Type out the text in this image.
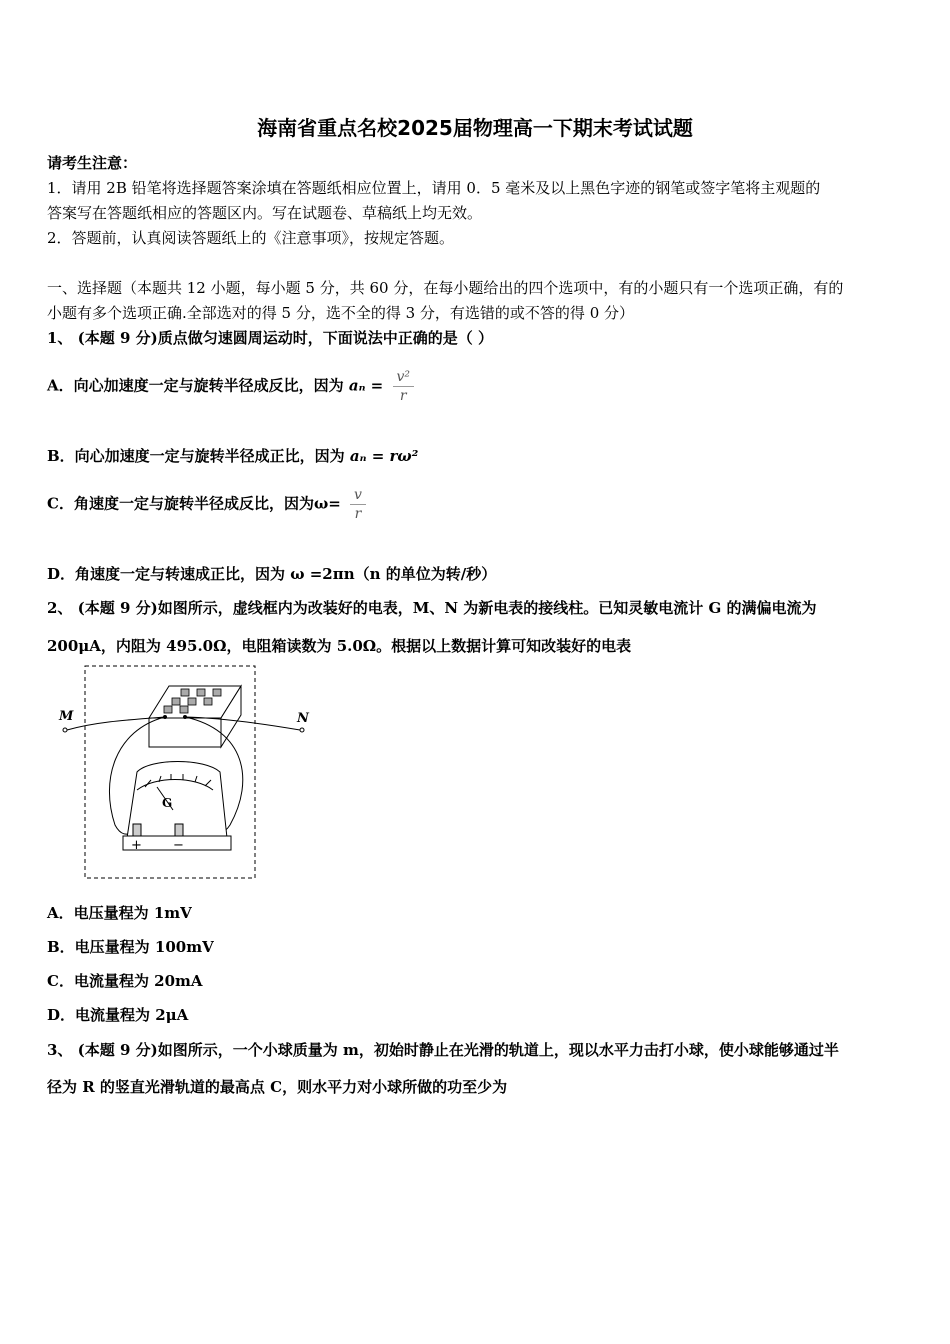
海南省重点名校2025届物理高一下期末考试试题
请考生注意：
1．请用 2B 铅笔将选择题答案涂填在答题纸相应位置上，请用 0．5 毫米及以上黑色字迹的钢笔或签字笔将主观题的
答案写在答题纸相应的答题区内。写在试题卷、草稿纸上均无效。
2．答题前，认真阅读答题纸上的《注意事项》，按规定答题。
一、选择题（本题共 12 小题，每小题 5 分，共 60 分，在每小题给出的四个选项中，有的小题只有一个选项正确，有的
小题有多个选项正确.全部选对的得 5 分，选不全的得 3 分，有选错的或不答的得 0 分）
1、 (本题 9 分)质点做匀速圆周运动时，下面说法中正确的是（ ）
A．向心加速度一定与旋转半径成反比，因为 $a_n = \frac{\text{v²}}{r}$
B．向心加速度一定与旋转半径成正比，因为 aₙ = rω²
C．角速度一定与旋转半径成反比，因为$\omega= \frac{v}{r}$
D．角速度一定与转速成正比，因为 ω =2πn（n 的单位为转/秒）
2、 (本题 9 分)如图所示，虚线框内为改装好的电表，M、N 为新电表的接线柱。已知灵敏电流计 G 的满偏电流为
200μA，内阻为 495.0Ω，电阻箱读数为 5.0Ω。根据以上数据计算可知改装好的电表
M	N
G
+ −
A．电压量程为 1mV
B．电压量程为 100mV
C．电流量程为 20mA
D．电流量程为 2μA
3、 (本题 9 分)如图所示，一个小球质量为 m，初始时静止在光滑的轨道上，现以水平力击打小球，使小球能够通过半
径为 R 的竖直光滑轨道的最高点 C，则水平力对小球所做的功至少为
